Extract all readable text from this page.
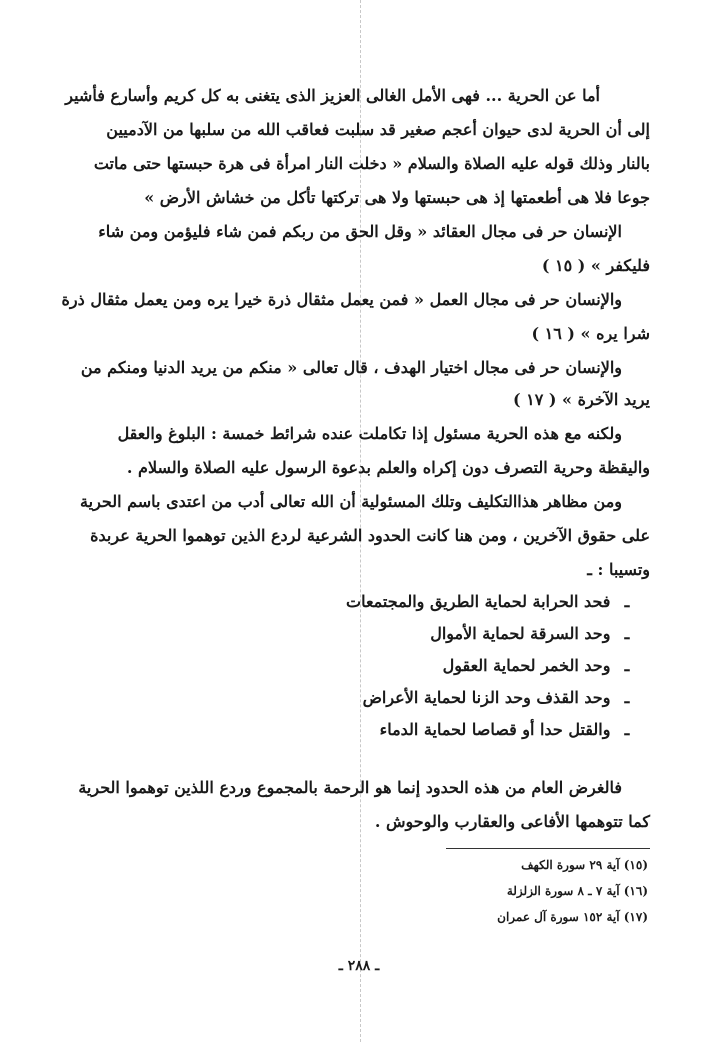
أما عن الحرية ... فهى الأمل الغالى العزيز الذى يتغنى به كل كريم وأسارع فأشير
إلى أن الحرية لدى حيوان أعجم صغير قد سلبت فعاقب الله من سلبها من الآدميين
بالنار وذلك قوله عليه الصلاة والسلام « دخلت النار امرأة فى هرة حبستها حتى ماتت
جوعا فلا هى أطعمتها إذ هى حبستها ولا هى تركتها تأكل من خشاش الأرض »
الإنسان حر فى مجال العقائد « وقل الحق من ربكم فمن شاء فليؤمن ومن شاء
فليكفر » ( ١٥ )
والإنسان حر فى مجال العمل « فمن يعمل مثقال ذرة خيرا يره ومن يعمل مثقال ذرة
شرا يره » ( ١٦ )
والإنسان حر فى مجال اختيار الهدف ، قال تعالى « منكم من يريد الدنيا ومنكم من
يريد الآخرة » ( ١٧ )
ولكنه مع هذه الحرية مسئول إذا تكاملت عنده شرائط خمسة : البلوغ والعقل
واليقظة وحرية التصرف دون إكراه والعلم بدعوة الرسول عليه الصلاة والسلام .
ومن مظاهر هذاالتكليف وتلك المسئولية أن الله تعالى أدب من اعتدى باسم الحرية
على حقوق الآخرين ، ومن هنا كانت الحدود الشرعية لردع الذين توهموا الحرية عربدة
وتسيبا : ـ
ـ فحد الحرابة لحماية الطريق والمجتمعات
ـ وحد السرقة لحماية الأموال
ـ وحد الخمر لحماية العقول
ـ وحد القذف وحد الزنا لحماية الأعراض
ـ والقتل حدا أو قصاصا لحماية الدماء
فالغرض العام من هذه الحدود إنما هو الرحمة بالمجموع وردع اللذين توهموا الحرية
كما تتوهمها الأفاعى والعقارب والوحوش .
(١٥) آية ٢٩ سورة الكهف
(١٦) آية ٧ ـ ٨ سورة الزلزلة
(١٧) آية ١٥٢ سورة آل عمران
ـ ٢٨٨ ـ
